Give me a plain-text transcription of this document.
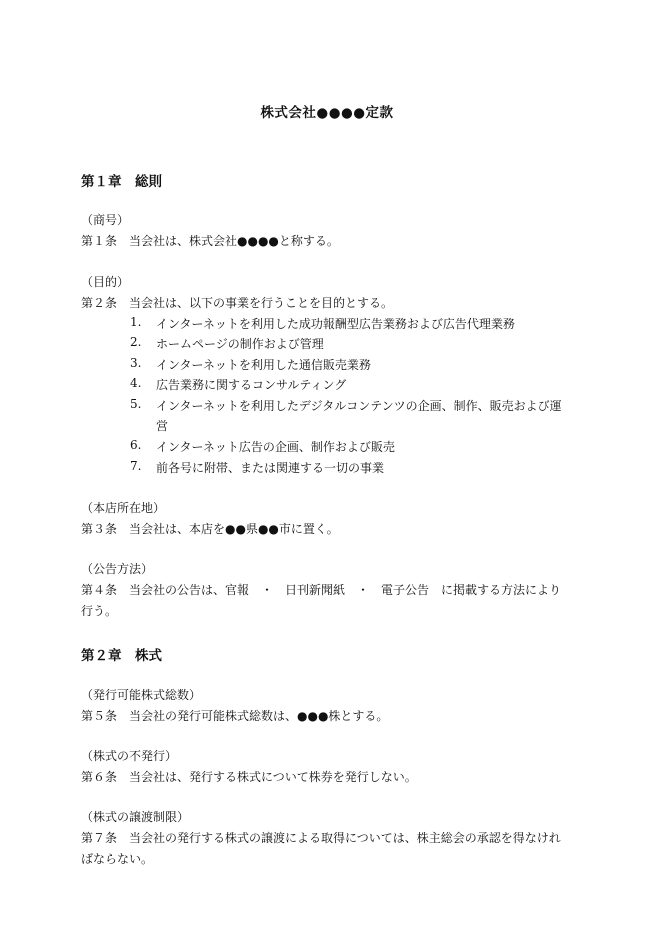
株式会社●●●●定款
第１章　総則
（商号）
第１条　当会社は、株式会社●●●●と称する。
（目的）
第２条　当会社は、以下の事業を行うことを目的とする。
1. インターネットを利用した成功報酬型広告業務および広告代理業務
2. ホームページの制作および管理
3. インターネットを利用した通信販売業務
4. 広告業務に関するコンサルティング
5. インターネットを利用したデジタルコンテンツの企画、制作、販売および運
営
6. インターネット広告の企画、制作および販売
7. 前各号に附帯、または関連する一切の事業
（本店所在地）
第３条　当会社は、本店を●●県●●市に置く。
（公告方法）
第４条　当会社の公告は、官報　・　日刊新聞紙　・　電子公告　に掲載する方法により
行う。
第２章　株式
（発行可能株式総数）
第５条　当会社の発行可能株式総数は、●●●株とする。
（株式の不発行）
第６条　当会社は、発行する株式について株券を発行しない。
（株式の譲渡制限）
第７条　当会社の発行する株式の譲渡による取得については、株主総会の承認を得なけれ
ばならない。
